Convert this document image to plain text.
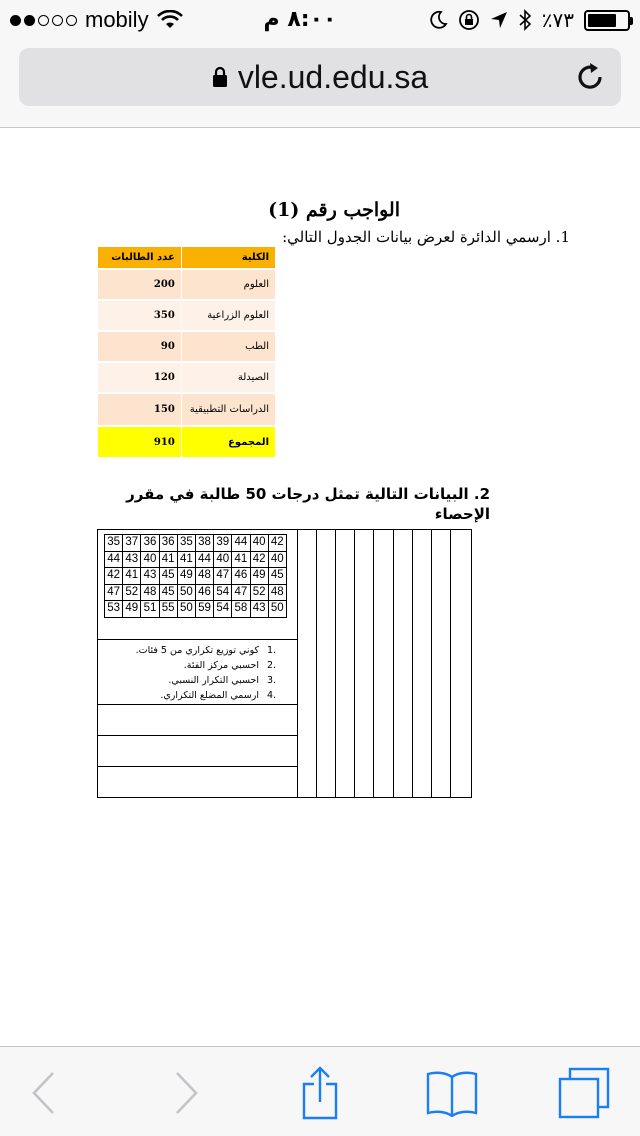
mobily	٨:٠٠ م	٪٧٣
vle.ud.edu.sa
الواجب رقم (1)
1. ارسمي الدائرة لعرض بيانات الجدول التالي:
الكلية	عدد الطالبات
العلوم	200
العلوم الزراعية	350
الطب	90
الصيدلة	120
الدراسات التطبيقية	150
المجموع	910
2. البيانات التالية تمثل درجات 50 طالبة في مقرر الإحصاء
35	37	36	36	35	38	39	44	40	42
44	43	40	41	41	44	40	41	42	40
42	41	43	45	49	48	47	46	49	45
47	52	48	45	50	46	54	47	52	48
53	49	51	55	50	59	54	58	43	50
1.
كوني توزيع تكراري من 5 فئات.
2.
احسبي مركز الفئة.
3.
احسبي التكرار النسبي.
4.
ارسمي المضلع التكراري.
